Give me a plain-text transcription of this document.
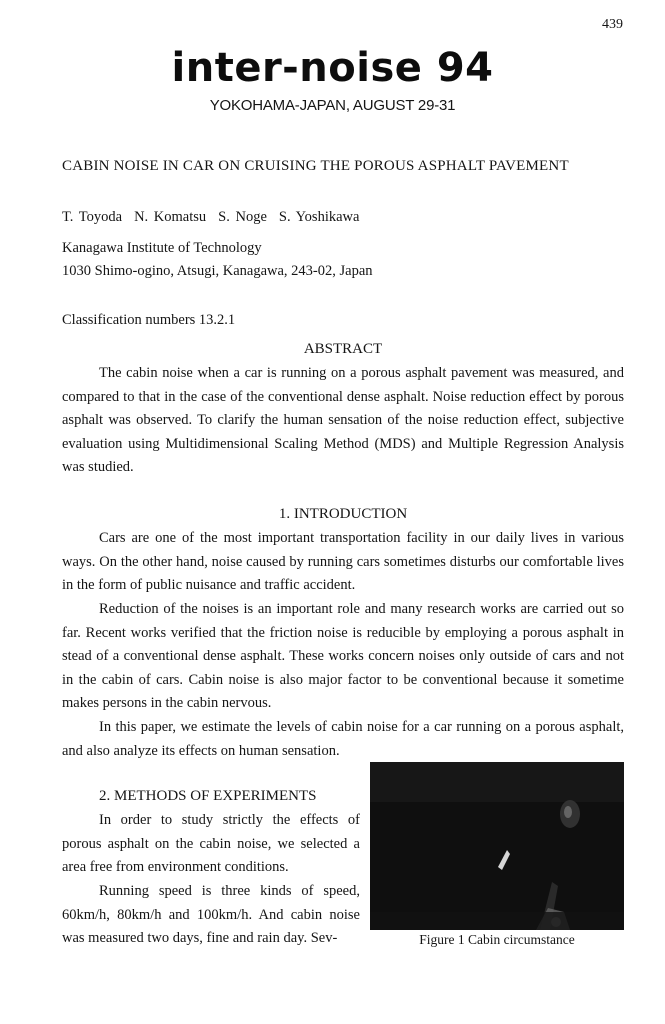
439
inter-noise 94
YOKOHAMA-JAPAN, AUGUST 29-31
CABIN NOISE IN CAR ON CRUISING THE POROUS ASPHALT PAVEMENT
T. Toyoda N. Komatsu S. Noge S. Yoshikawa
Kanagawa Institute of Technology
1030 Shimo-ogino, Atsugi, Kanagawa, 243-02, Japan
Classification numbers 13.2.1
ABSTRACT

The cabin noise when a car is running on a porous asphalt pavement was measured, and compared to that in the case of the conventional dense asphalt. Noise reduction effect by porous asphalt was observed. To clarify the human sensation of the noise reduction effect, subjective evaluation using Multidimensional Scaling Method (MDS) and Multiple Regression Analysis was studied.

1. INTRODUCTION

Cars are one of the most important transportation facility in our daily lives in various ways. On the other hand, noise caused by running cars sometimes disturbs our comfortable lives in the form of public nuisance and traffic accident.

Reduction of the noises is an important role and many research works are carried out so far. Recent works verified that the friction noise is reducible by employing a porous asphalt in stead of a conventional dense asphalt. These works concern noises only outside of cars and not in the cabin of cars. Cabin noise is also major factor to be conventional because it sometime makes persons in the cabin nervous.

In this paper, we estimate the levels of cabin noise for a car running on a porous asphalt, and also analyze its effects on human sensation.

2. METHODS OF EXPERIMENTS

In order to study strictly the effects of porous asphalt on the cabin noise, we selected a area free from environment conditions.

Running speed is three kinds of speed, 60km/h, 80km/h and 100km/h. And cabin noise was measured two days, fine and rain day. Sev-	Figure 1 Cabin circumstance
